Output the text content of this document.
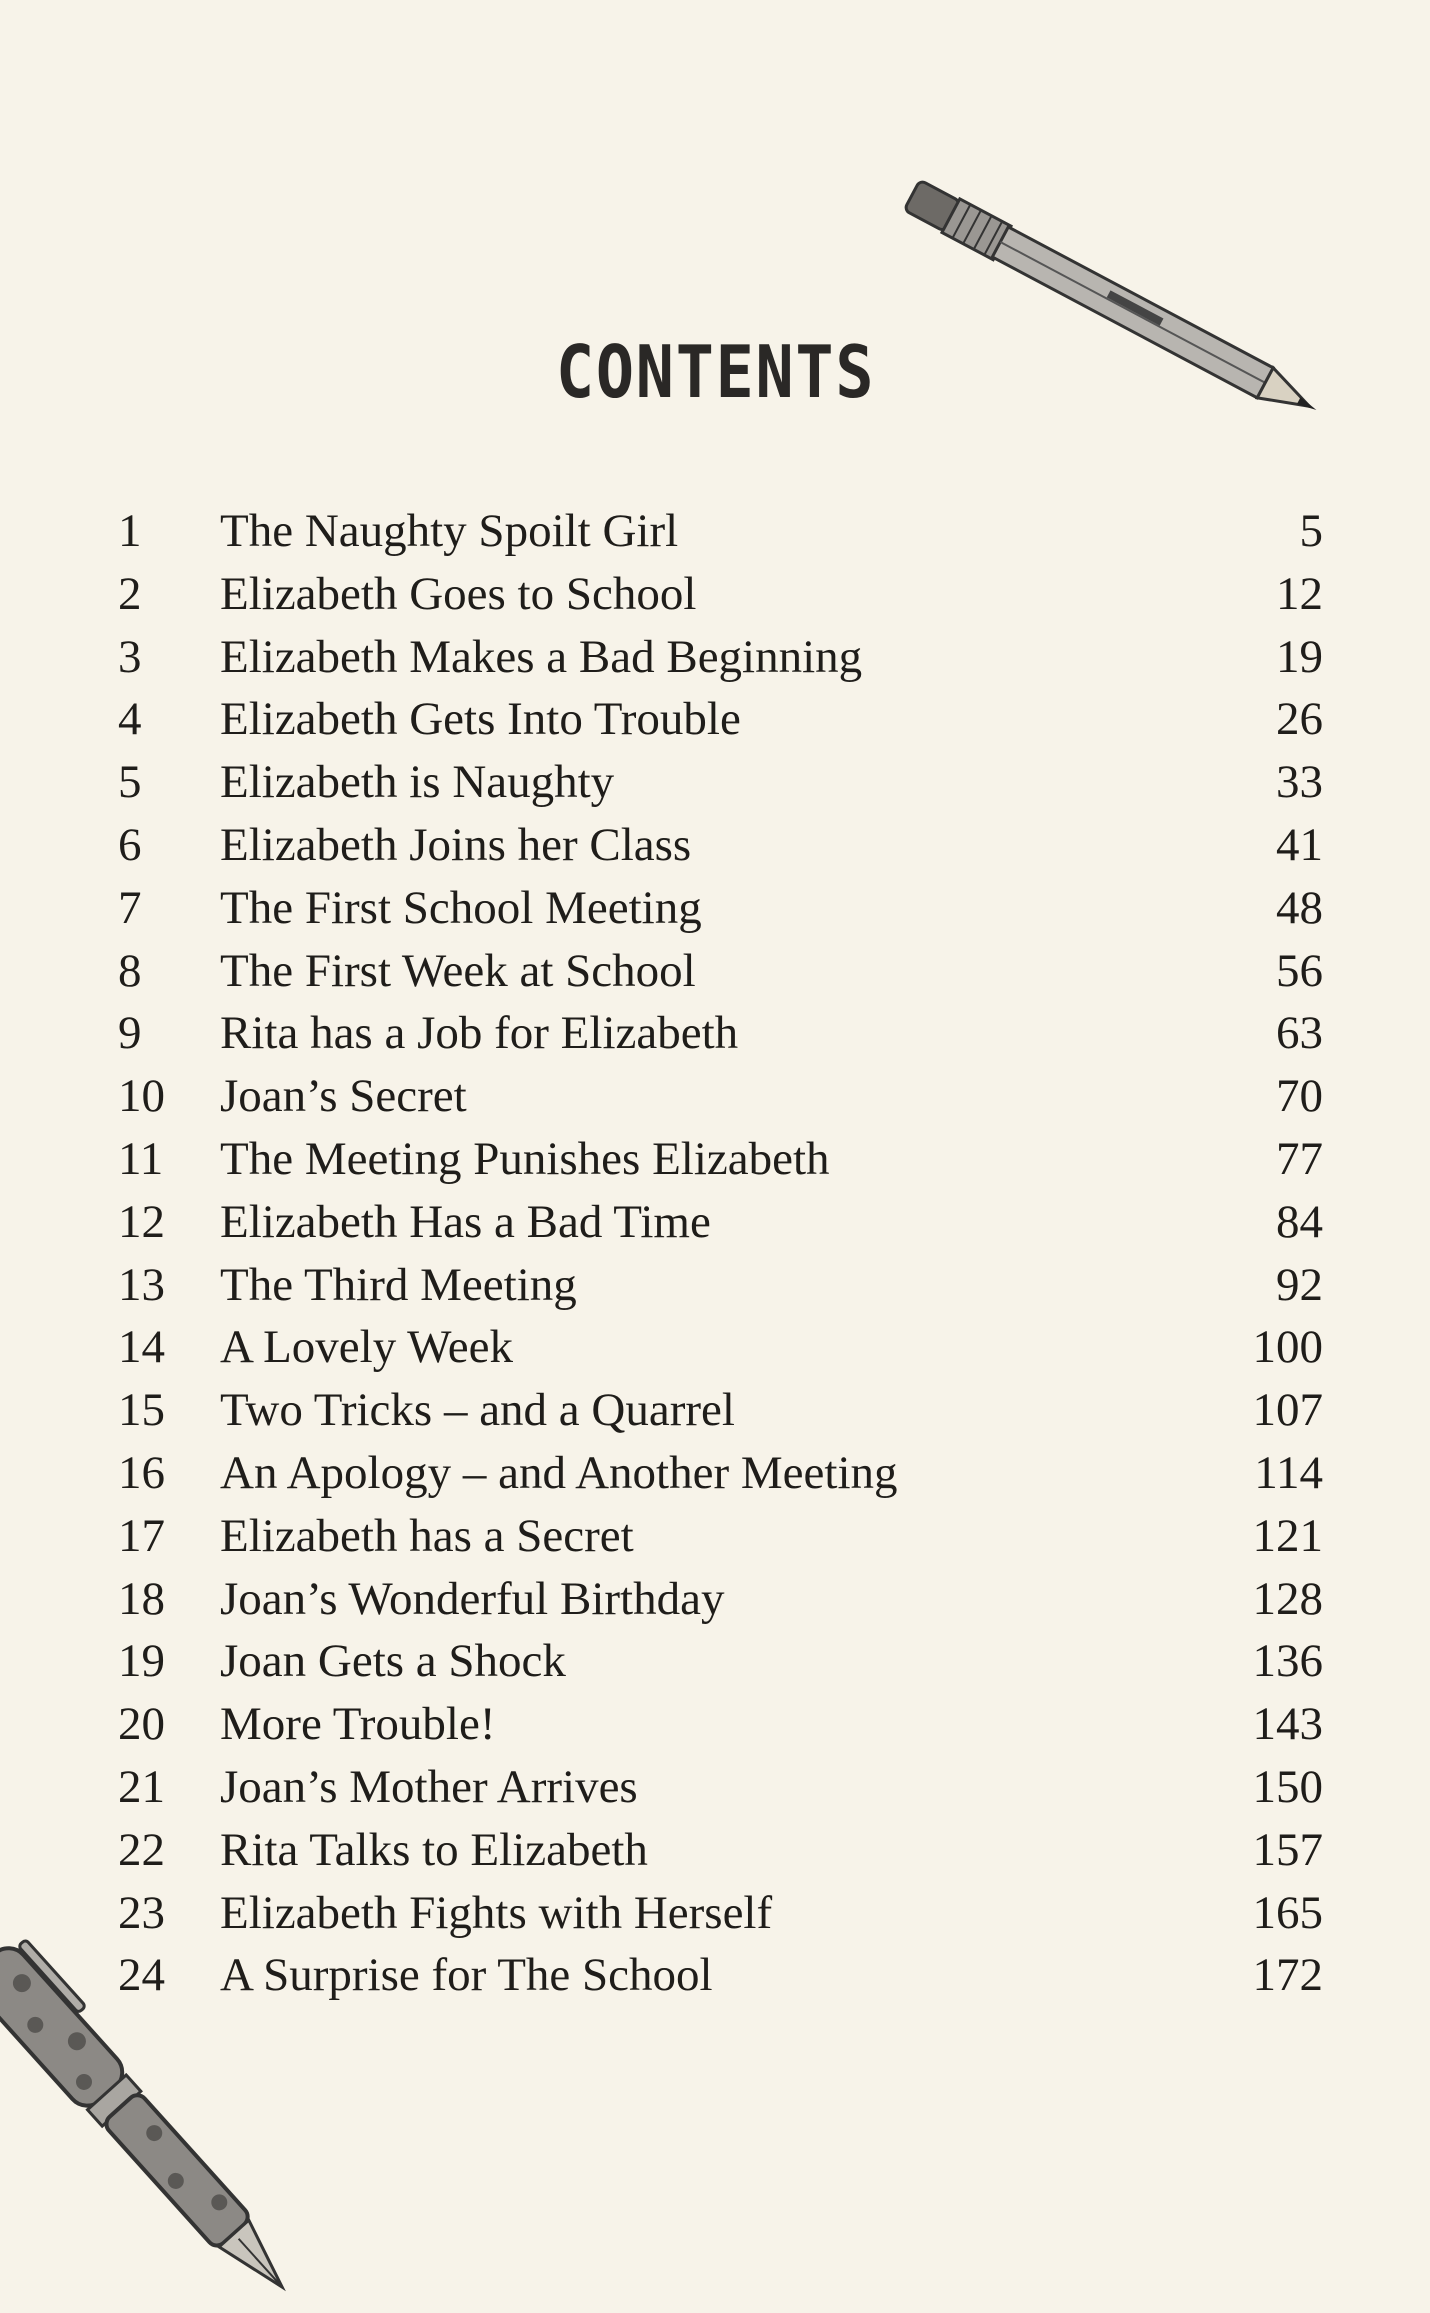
CONTENTS
1	The Naughty Spoilt Girl	5
2	Elizabeth Goes to School	12
3	Elizabeth Makes a Bad Beginning	19
4	Elizabeth Gets Into Trouble	26
5	Elizabeth is Naughty	33
6	Elizabeth Joins her Class	41
7	The First School Meeting	48
8	The First Week at School	56
9	Rita has a Job for Elizabeth	63
10	Joan’s Secret	70
11	The Meeting Punishes Elizabeth	77
12	Elizabeth Has a Bad Time	84
13	The Third Meeting	92
14	A Lovely Week	100
15	Two Tricks – and a Quarrel	107
16	An Apology – and Another Meeting	114
17	Elizabeth has a Secret	121
18	Joan’s Wonderful Birthday	128
19	Joan Gets a Shock	136
20	More Trouble!	143
21	Joan’s Mother Arrives	150
22	Rita Talks to Elizabeth	157
23	Elizabeth Fights with Herself	165
24	A Surprise for The School	172
